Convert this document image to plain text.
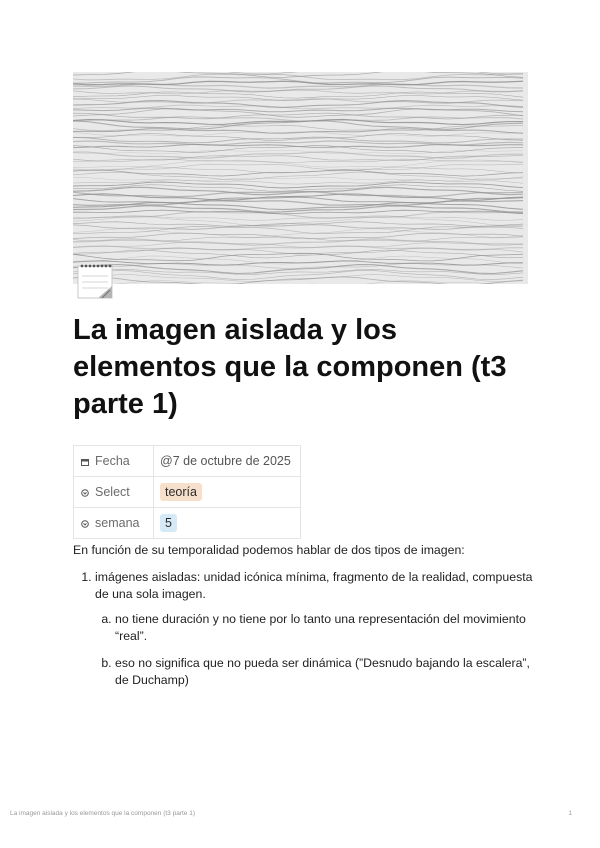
La imagen aislada y los elementos que la componen (t3 parte 1)
Fecha	@7 de octubre de 2025
Select	teoría
semana	5

En función de su temporalidad podemos hablar de dos tipos de imagen:

1. imágenes aisladas: unidad icónica mínima, fragmento de la realidad, compuesta de una sola imagen.
a. no tiene duración y no tiene por lo tanto una representación del movimiento “real”.
b. eso no significa que no pueda ser dinámica (”Desnudo bajando la escalera”, de Duchamp)
La imagen aislada y los elementos que la componen (t3 parte 1)	1
